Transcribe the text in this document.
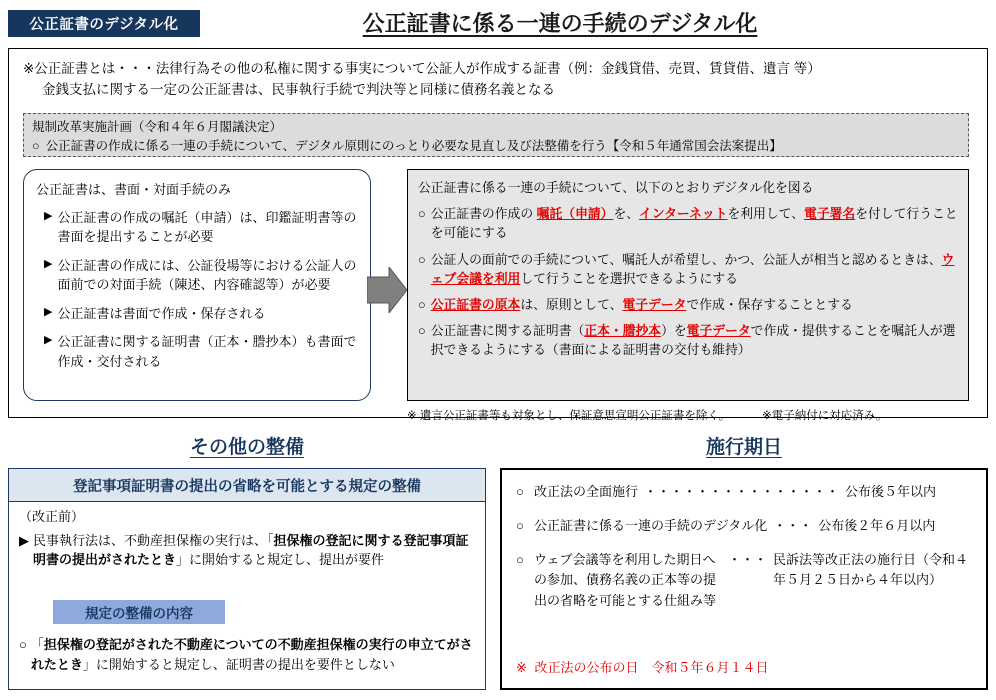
公正証書のデジタル化	公正証書に係る一連の手続のデジタル化
※公正証書とは・・・法律行為その他の私権に関する事実について公証人が作成する証書（例：金銭貸借、売買、賃貸借、遺言 等）
金銭支払に関する一定の公正証書は、民事執行手続で判決等と同様に債務名義となる
規制改革実施計画（令和４年６月閣議決定）
○ 公正証書の作成に係る一連の手続について、デジタル原則にのっとり必要な見直し及び法整備を行う【令和５年通常国会法案提出】
公正証書は、書面・対面手続のみ
▶ 公正証書の作成の嘱託（申請）は、印鑑証明書等の書面を提出することが必要
▶ 公正証書の作成には、公証役場等における公証人の面前での対面手続（陳述、内容確認等）が必要
▶ 公正証書は書面で作成・保存される
▶ 公正証書に関する証明書（正本・謄抄本）も書面で作成・交付される
公正証書に係る一連の手続について、以下のとおりデジタル化を図る
○ 公正証書の作成の 嘱託（申請）を、インターネットを利用して、電子署名を付して行うことを可能にする
○ 公証人の面前での手続について、嘱託人が希望し、かつ、公証人が相当と認めるときは、ウェブ会議を利用して行うことを選択できるようにする
○ 公正証書の原本は、原則として、電子データで作成・保存することとする
○ 公正証書に関する証明書（正本・謄抄本）を電子データで作成・提供することを嘱託人が選択できるようにする（書面による証明書の交付も維持）
※ 遺言公正証書等も対象とし、保証意思宣明公正証書を除く。	※電子納付に対応済み。
その他の整備	施行期日
登記事項証明書の提出の省略を可能とする規定の整備
（改正前）
▶ 民事執行法は、不動産担保権の実行は、「担保権の登記に関する登記事項証明書の提出がされたとき」に開始すると規定し、提出が要件
規定の整備の内容
○ 「担保権の登記がされた不動産についての不動産担保権の実行の申立てがされたとき」に開始すると規定し、証明書の提出を要件としない
○ 改正法の全面施行 ・・・・・・・・・・・・・・・ 公布後５年以内
○ 公正証書に係る一連の手続のデジタル化 ・・・ 公布後２年６月以内
○ ウェブ会議等を利用した期日への参加、債務名義の正本等の提出の省略を可能とする仕組み等
・・・ 民訴法等改正法の施行日（令和４年５月２５日から４年以内）
※ 改正法の公布の日　令和５年６月１４日
